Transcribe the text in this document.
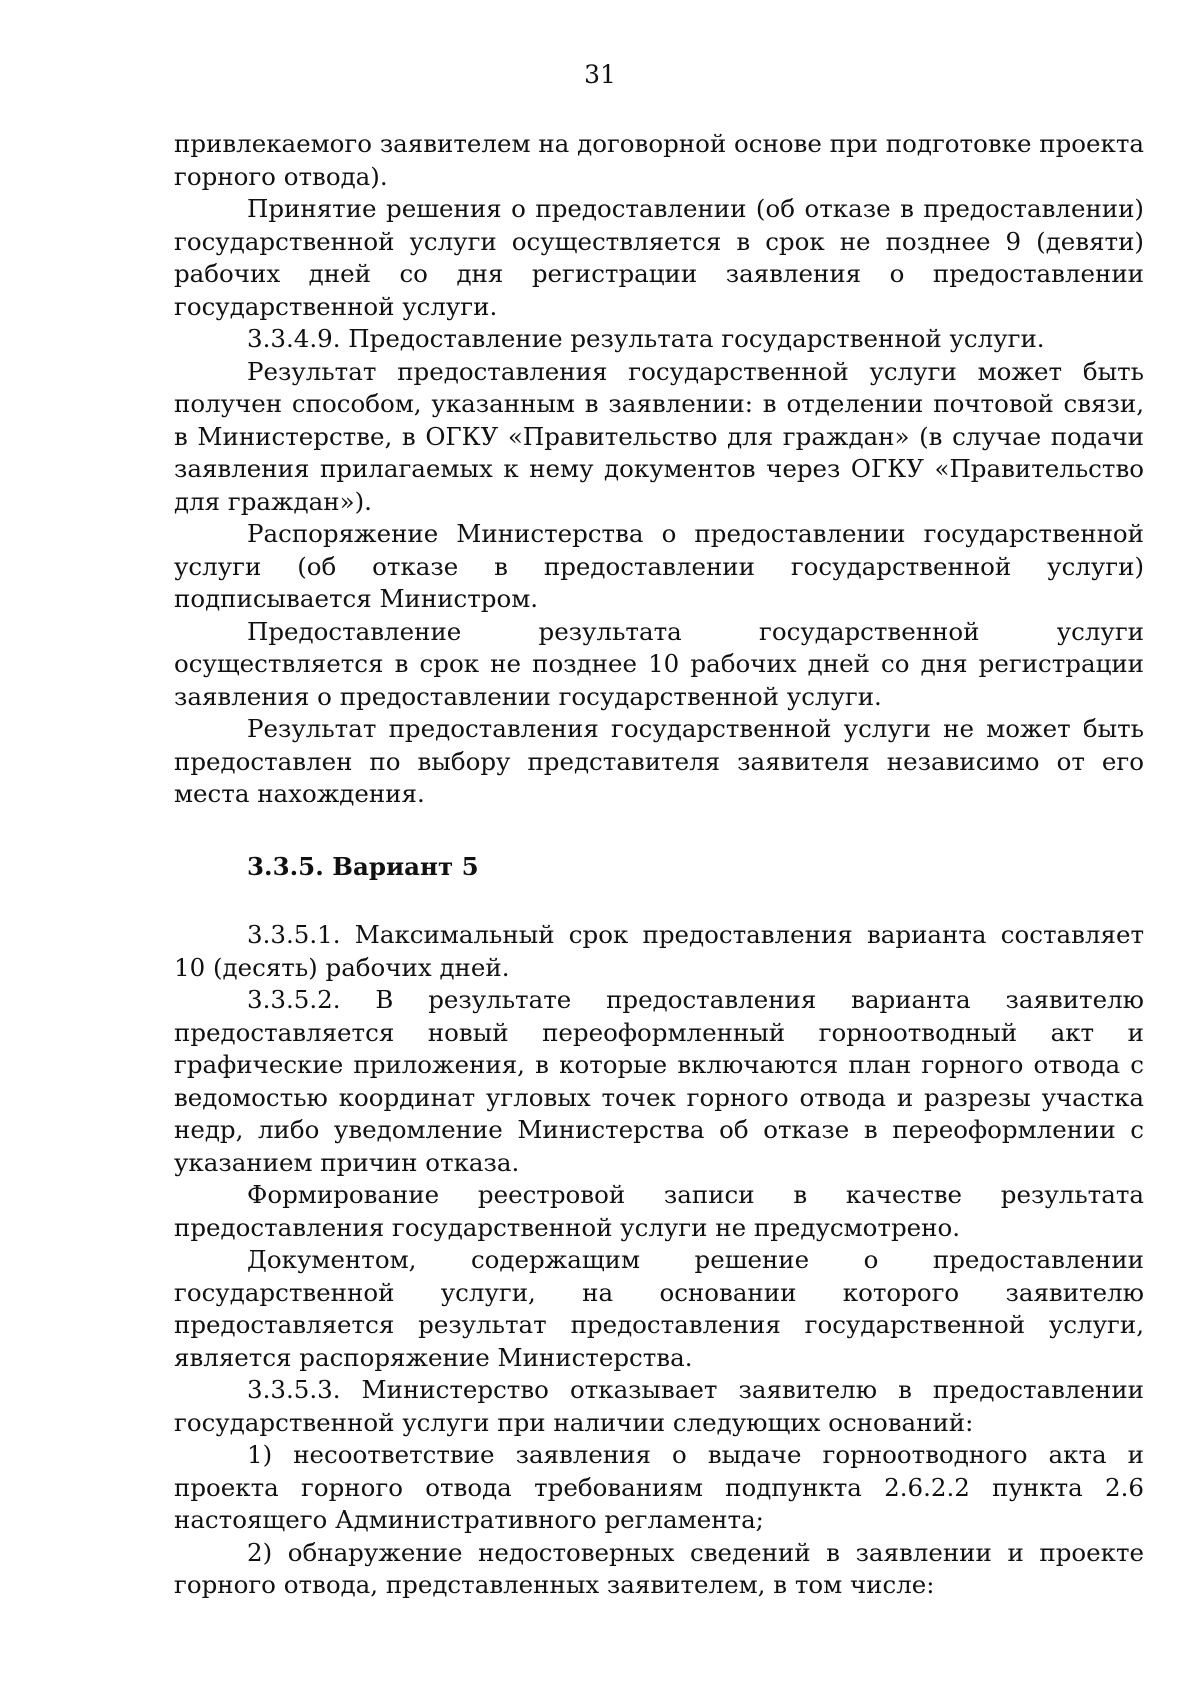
31

привлекаемого заявителем на договорной основе при подготовке проекта горного отвода).

Принятие решения о предоставлении (об отказе в предоставлении) государственной услуги осуществляется в срок не позднее 9 (девяти) рабочих дней со дня регистрации заявления о предоставлении государственной услуги.

3.3.4.9. Предоставление результата государственной услуги.

Результат предоставления государственной услуги может быть получен способом, указанным в заявлении: в отделении почтовой связи, в Министерстве, в ОГКУ «Правительство для граждан» (в случае подачи заявления прилагаемых к нему документов через ОГКУ «Правительство для граждан»).

Распоряжение Министерства о предоставлении государственной услуги (об отказе в предоставлении государственной услуги) подписывается Министром.

Предоставление результата государственной услуги осуществляется в срок не позднее 10 рабочих дней со дня регистрации заявления о предоставлении государственной услуги.

Результат предоставления государственной услуги не может быть предоставлен по выбору представителя заявителя независимо от его места нахождения.

3.3.5. Вариант 5

3.3.5.1. Максимальный срок предоставления варианта составляет 10 (десять) рабочих дней.

3.3.5.2. В результате предоставления варианта заявителю предоставляется новый переоформленный горноотводный акт и графические приложения, в которые включаются план горного отвода с ведомостью координат угловых точек горного отвода и разрезы участка недр, либо уведомление Министерства об отказе в переоформлении с указанием причин отказа.

Формирование реестровой записи в качестве результата предоставления государственной услуги не предусмотрено.

Документом, содержащим решение о предоставлении государственной услуги, на основании которого заявителю предоставляется результат предоставления государственной услуги, является распоряжение Министерства.

3.3.5.3. Министерство отказывает заявителю в предоставлении государственной услуги при наличии следующих оснований:

1) несоответствие заявления о выдаче горноотводного акта и проекта горного отвода требованиям подпункта 2.6.2.2 пункта 2.6 настоящего Административного регламента;

2) обнаружение недостоверных сведений в заявлении и проекте горного отвода, представленных заявителем, в том числе:
